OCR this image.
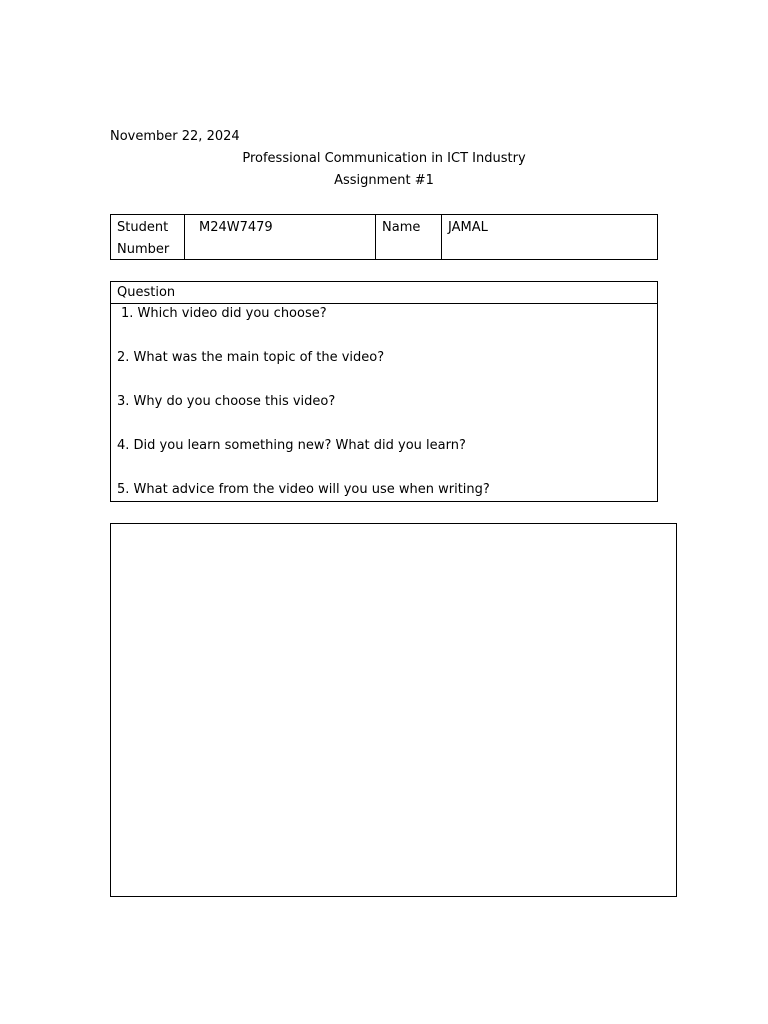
November 22, 2024
Professional Communication in ICT Industry
Assignment #1
Student
Number
M24W7479	Name	JAMAL
Question
1. Which video did you choose?
2. What was the main topic of the video?
3. Why do you choose this video?
4. Did you learn something new? What did you learn?
5. What advice from the video will you use when writing?
